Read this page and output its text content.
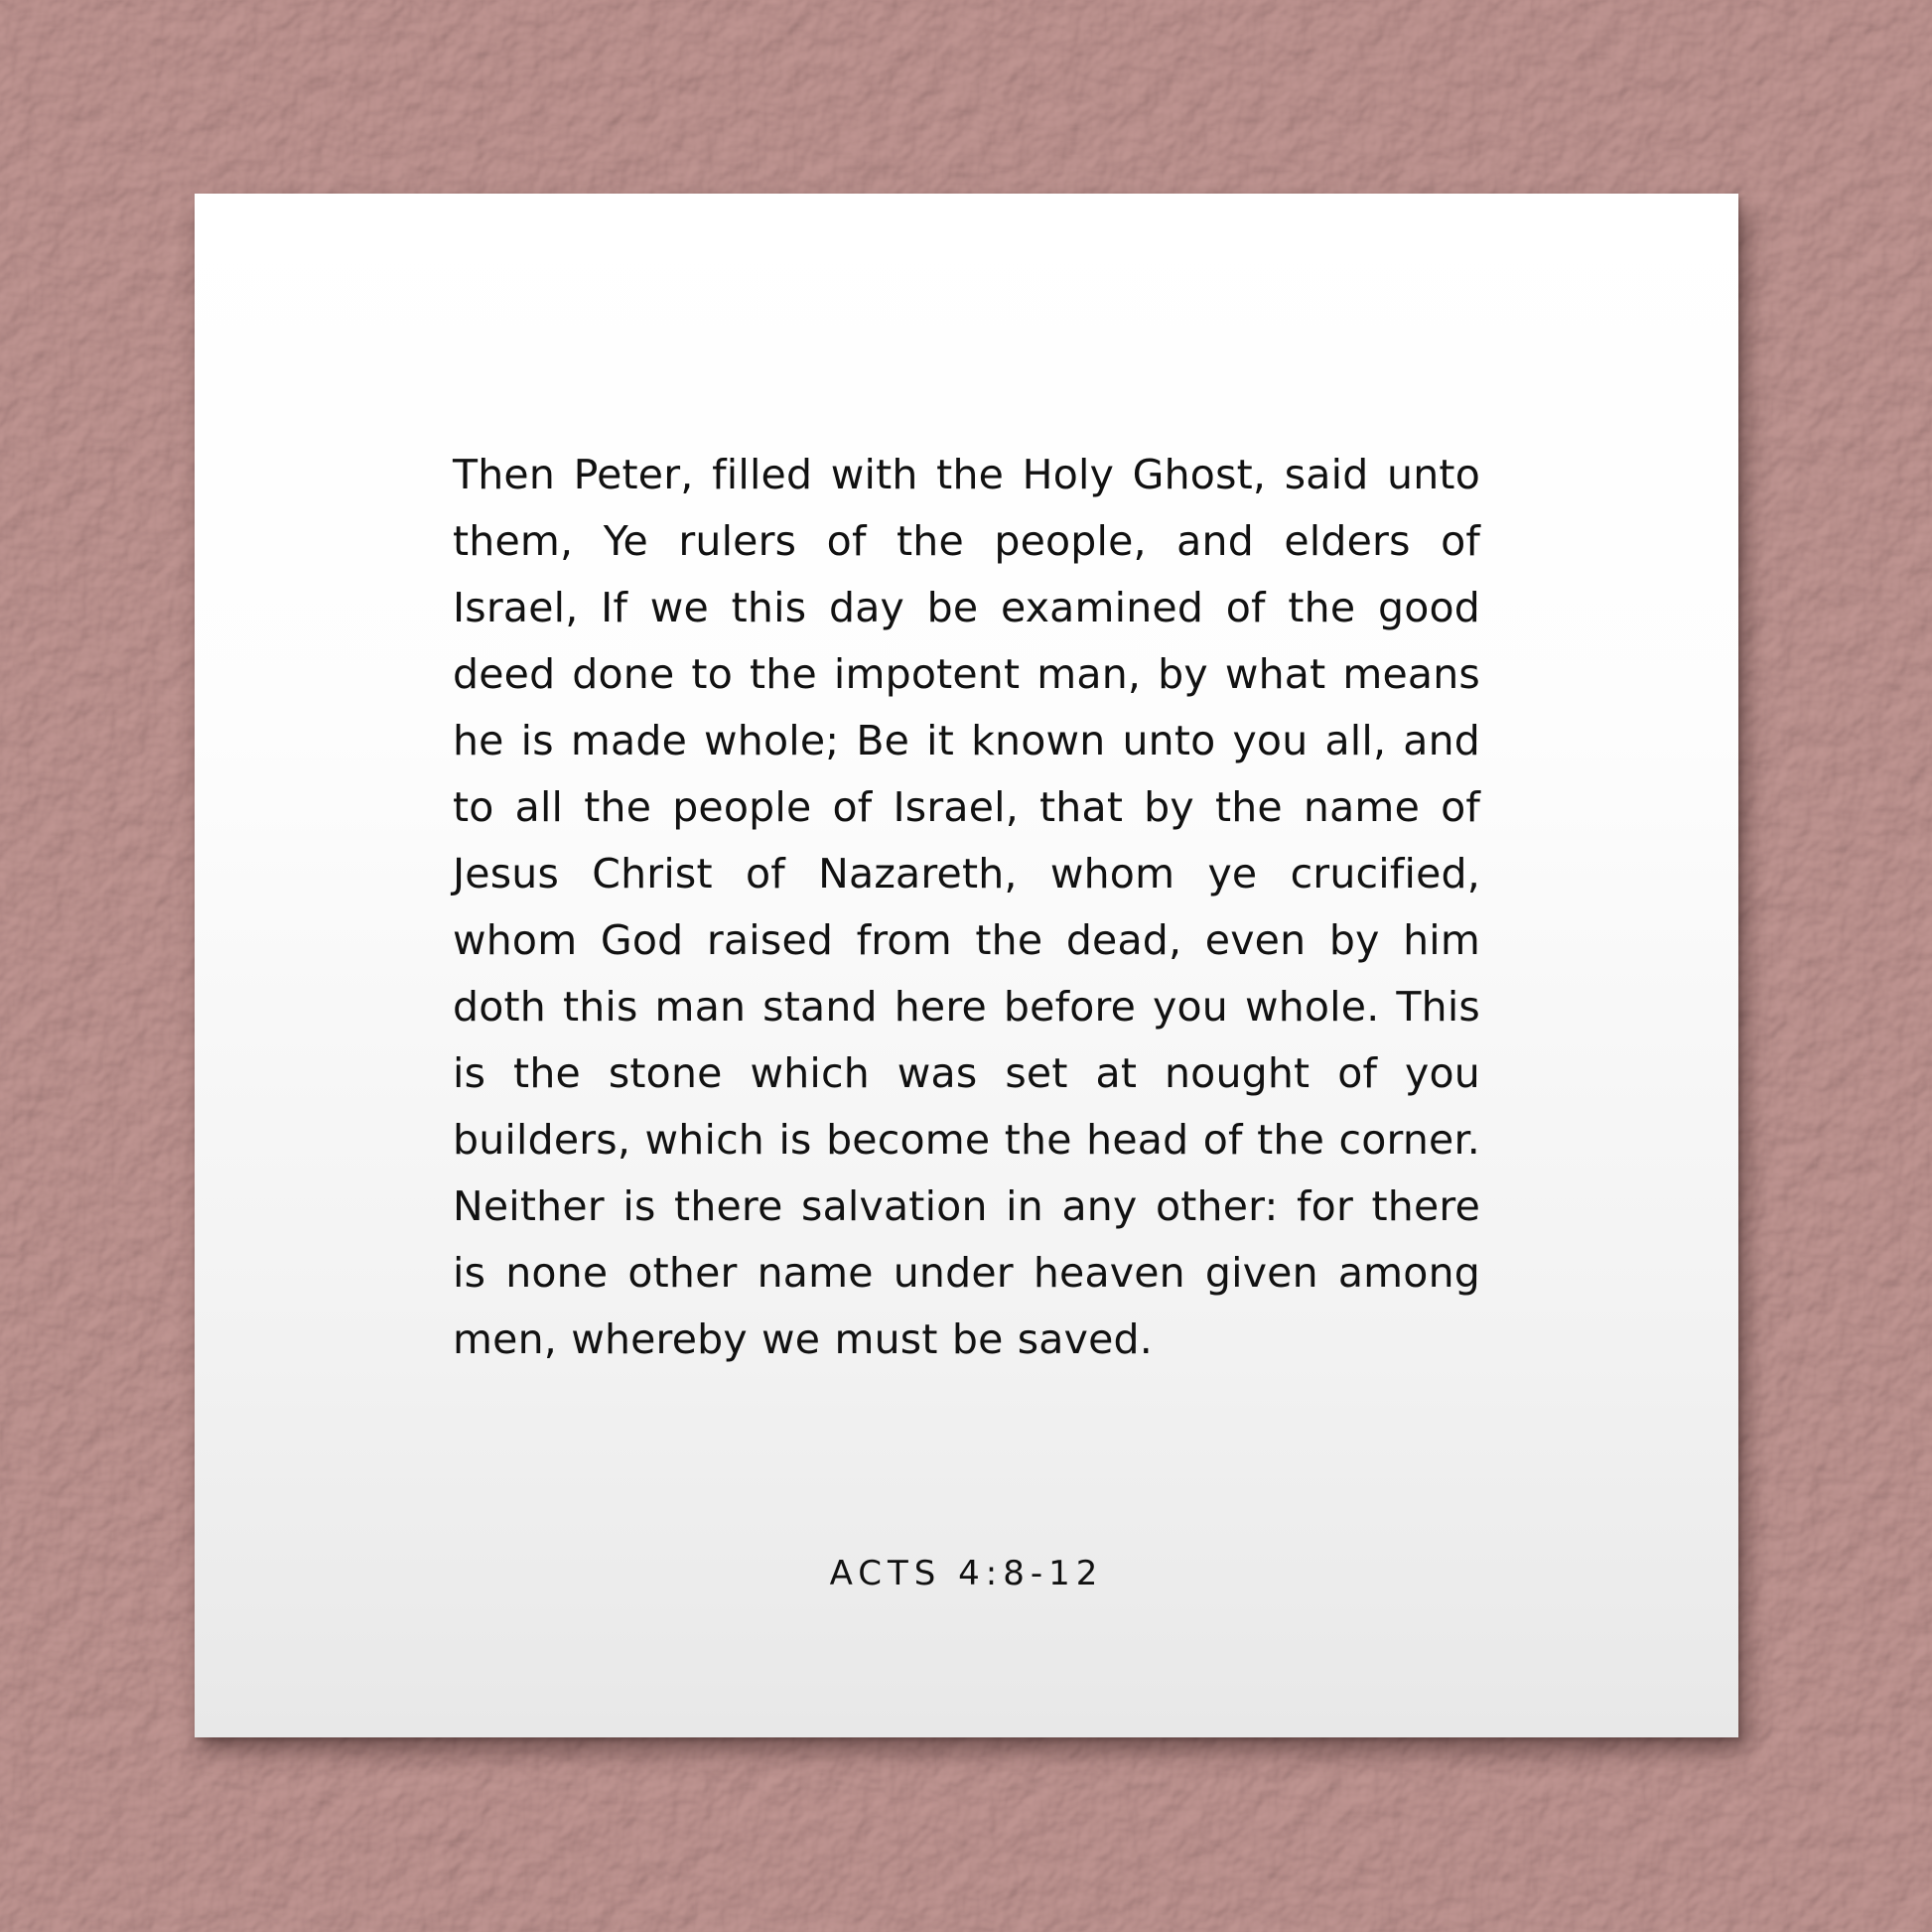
Then Peter, filled with the Holy Ghost, said unto them, Ye rulers of the people, and elders of Israel, If we this day be examined of the good deed done to the impotent man, by what means he is made whole; Be it known unto you all, and to all the people of Israel, that by the name of Jesus Christ of Nazareth, whom ye crucified, whom God raised from the dead, even by him doth this man stand here before you whole. This is the stone which was set at nought of you builders, which is become the head of the corner. Neither is there salvation in any other: for there is none other name under heaven given among men, whereby we must be saved.

ACTS 4:8-12
